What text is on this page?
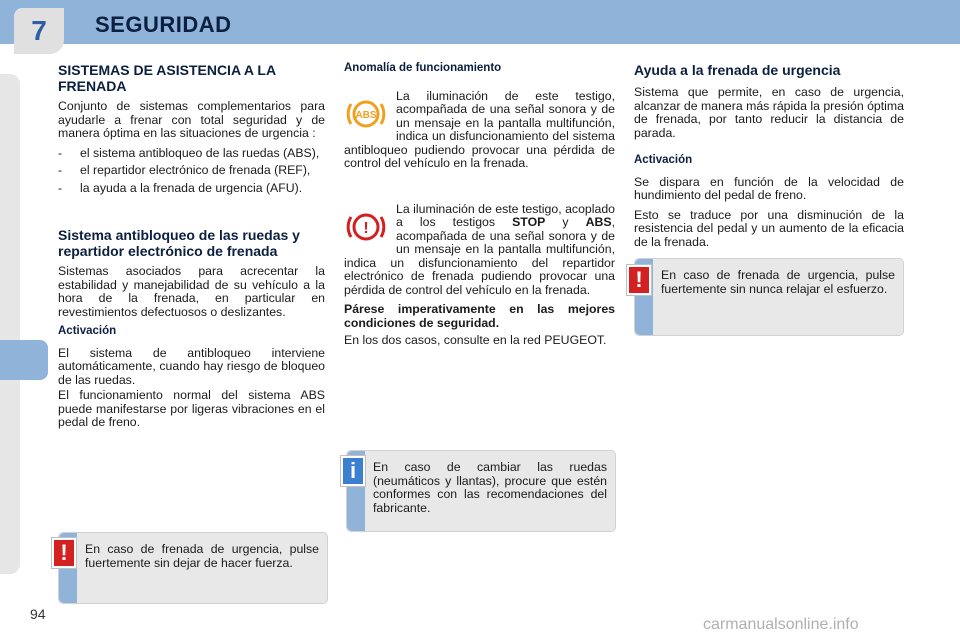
7	SEGURIDAD
SISTEMAS DE ASISTENCIA A LA FRENADA

Conjunto de sistemas complementarios para ayudarle a frenar con total seguridad y de manera óptima en las situaciones de urgencia :

- el sistema antibloqueo de las ruedas (ABS),
- el repartidor electrónico de frenada (REF),
- la ayuda a la frenada de urgencia (AFU).
Sistema antibloqueo de las ruedas y repartidor electrónico de frenada

Sistemas asociados para acrecentar la estabilidad y manejabilidad de su vehículo a la hora de la frenada, en particular en revestimientos defectuosos o deslizantes.

Activación

El sistema de antibloqueo interviene automáticamente, cuando hay riesgo de bloqueo de las ruedas.

El funcionamiento normal del sistema ABS puede manifestarse por ligeras vibraciones en el pedal de freno.

En caso de frenada de urgencia, pulse fuertemente sin dejar de hacer fuerza.
!
Anomalía de funcionamiento
ABS

La iluminación de este testigo, acompañada de una señal sonora y de un mensaje en la pantalla multifunción, indica un disfuncionamiento del sistema antibloqueo pudiendo provocar una pérdida de control del vehículo en la frenada.

!

La iluminación de este testigo, acoplado a los testigos STOP y ABS, acompañada de una señal sonora y de un mensaje en la pantalla multifunción, indica un disfuncionamiento del repartidor electrónico de frenada pudiendo provocar una pérdida de control del vehículo en la frenada.

Párese imperativamente en las mejores condiciones de seguridad.

En los dos casos, consulte en la red PEUGEOT.

En caso de cambiar las ruedas (neumáticos y llantas), procure que estén conformes con las recomendaciones del fabricante.
i
Ayuda a la frenada de urgencia

Sistema que permite, en caso de urgencia, alcanzar de manera más rápida la presión óptima de frenada, por tanto reducir la distancia de parada.

Activación

Se dispara en función de la velocidad de hundimiento del pedal de freno.

Esto se traduce por una disminución de la resistencia del pedal y un aumento de la eficacia de la frenada.

En caso de frenada de urgencia, pulse fuertemente sin nunca relajar el esfuerzo.
!
94
carmanualsonline.info
